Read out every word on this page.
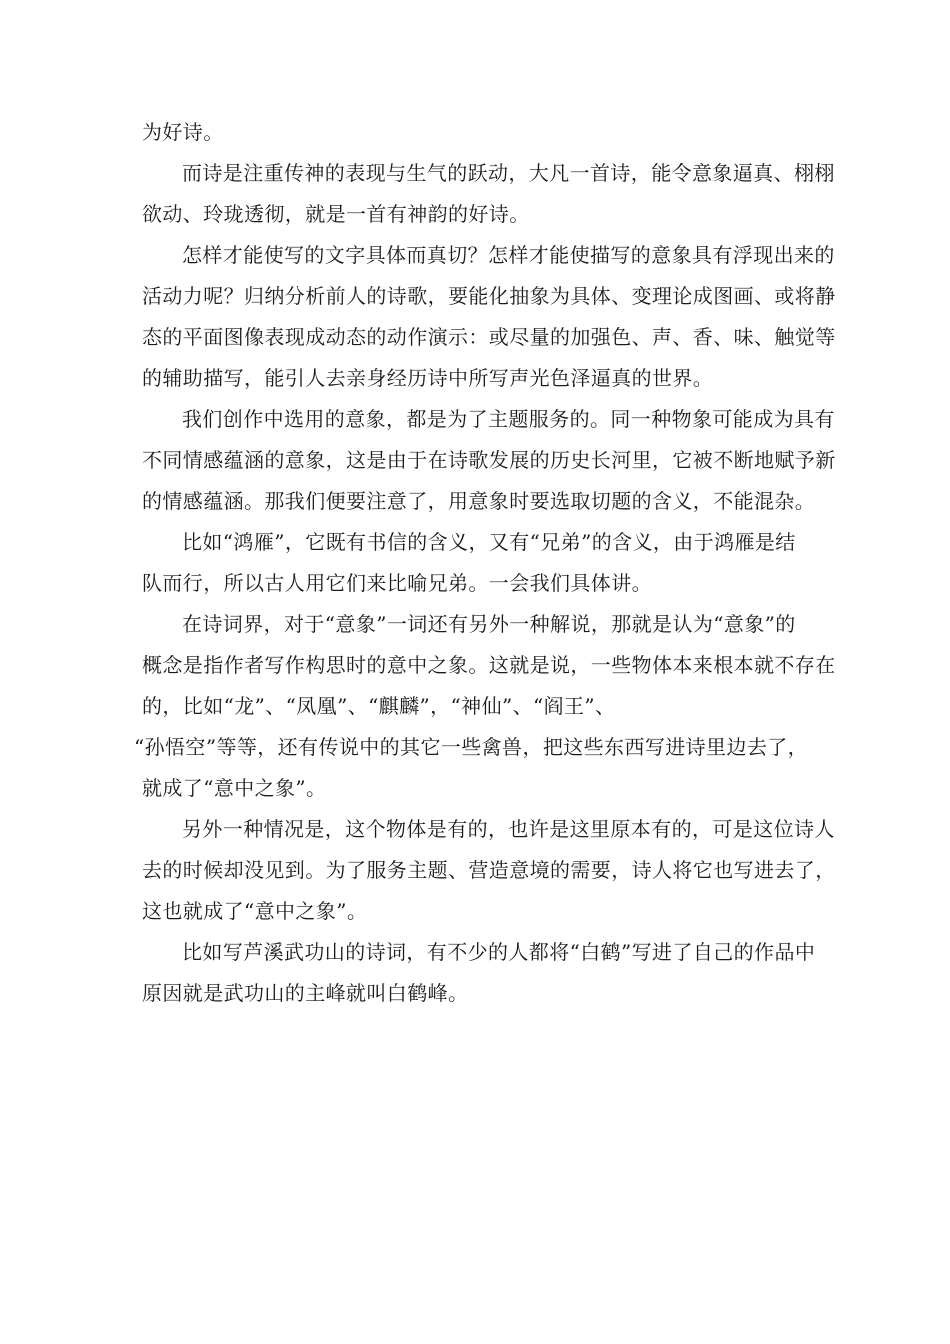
为好诗。
而诗是注重传神的表现与生气的跃动，大凡一首诗，能令意象逼真、栩栩
欲动、玲珑透彻，就是一首有神韵的好诗。
怎样才能使写的文字具体而真切？怎样才能使描写的意象具有浮现出来的
活动力呢？归纳分析前人的诗歌，要能化抽象为具体、变理论成图画、或将静
态的平面图像表现成动态的动作演示：或尽量的加强色、声、香、味、触觉等
的辅助描写，能引人去亲身经历诗中所写声光色泽逼真的世界。
我们创作中选用的意象，都是为了主题服务的。同一种物象可能成为具有
不同情感蕴涵的意象，这是由于在诗歌发展的历史长河里，它被不断地赋予新
的情感蕴涵。那我们便要注意了，用意象时要选取切题的含义，不能混杂。
比如“鸿雁”，它既有书信的含义，又有“兄弟”的含义，由于鸿雁是结
队而行，所以古人用它们来比喻兄弟。一会我们具体讲。
在诗词界，对于“意象”一词还有另外一种解说，那就是认为“意象”的
概念是指作者写作构思时的意中之象。这就是说，一些物体本来根本就不存在
的，比如“龙”、“凤凰”、“麒麟”，“神仙”、“阎王”、
“孙悟空”等等，还有传说中的其它一些禽兽，把这些东西写进诗里边去了，
就成了“意中之象”。
另外一种情况是，这个物体是有的，也许是这里原本有的，可是这位诗人
去的时候却没见到。为了服务主题、营造意境的需要，诗人将它也写进去了，
这也就成了“意中之象”。
比如写芦溪武功山的诗词，有不少的人都将“白鹤”写进了自己的作品中
原因就是武功山的主峰就叫白鹤峰。
